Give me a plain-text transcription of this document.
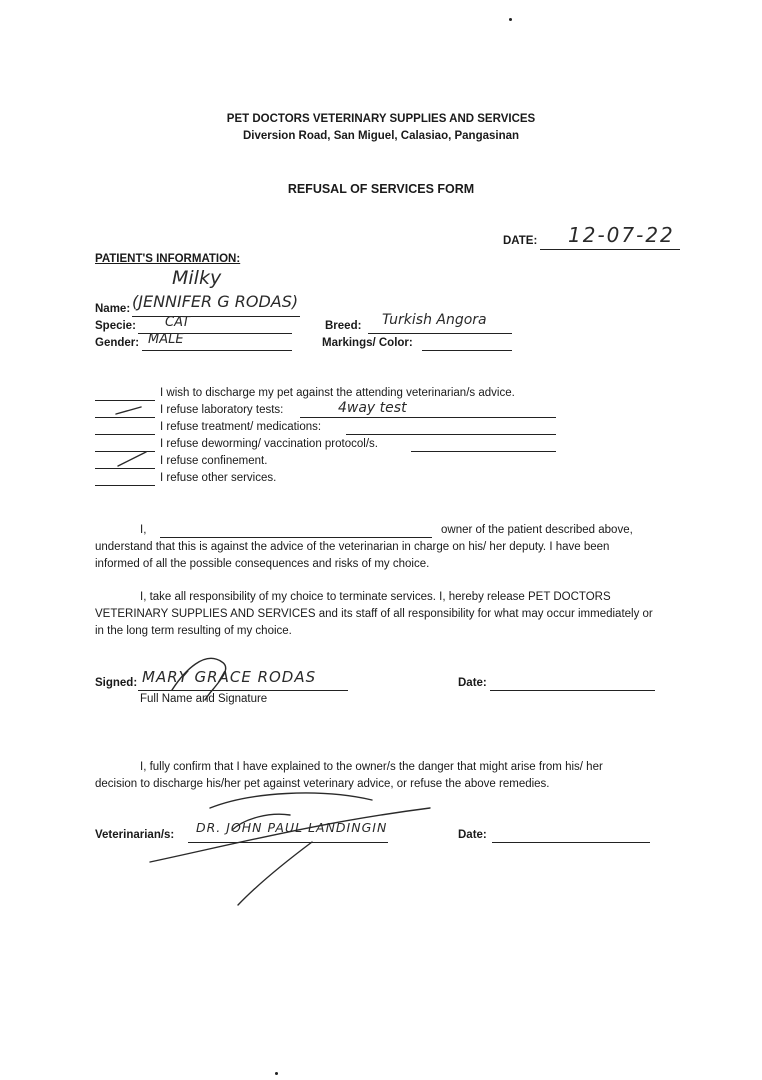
PET DOCTORS VETERINARY SUPPLIES AND SERVICES
Diversion Road, San Miguel, Calasiao, Pangasinan
REFUSAL OF SERVICES FORM
DATE: 12-07-22
PATIENT'S INFORMATION:
Milky
Name: (JENNIFER G RODAS)
Specie: CAT
Gender: MALE
Breed: Turkish Angora
Markings/ Color:
I wish to discharge my pet against the attending veterinarian/s advice.
I refuse laboratory tests:	4way test
I refuse treatment/ medications:
I refuse deworming/ vaccination protocol/s.
I refuse confinement.
I refuse other services.
I,	owner of the patient described above,
understand that this is against the advice of the veterinarian in charge on his/ her deputy. I have been
informed of all the possible consequences and risks of my choice.
I, take all responsibility of my choice to terminate services. I, hereby release PET DOCTORS
VETERINARY SUPPLIES AND SERVICES and its staff of all responsibility for what may occur immediately or
in the long term resulting of my choice.
Signed: MARY GRACE RODAS
Full Name and Signature
Date:
I, fully confirm that I have explained to the owner/s the danger that might arise from his/ her
decision to discharge his/her pet against veterinary advice, or refuse the above remedies.
Veterinarian/s: DR. JOHN PAUL LANDINGIN	Date:
